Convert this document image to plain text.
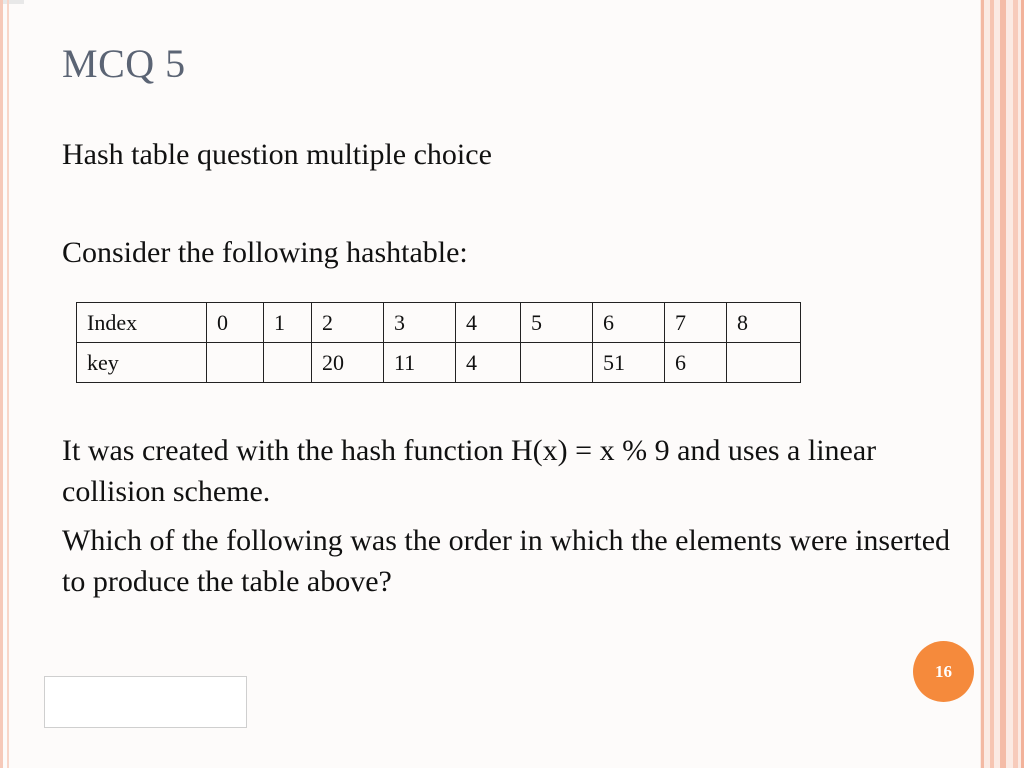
MCQ 5
Hash table question multiple choice
Consider the following hashtable:
Index	0	1	2	3	4	5	6	7	8
key			20	11	4		51	6	
It was created with the hash function H(x) = x % 9 and uses a linear collision scheme.
Which of the following was the order in which the elements were inserted to produce the table above?
16
